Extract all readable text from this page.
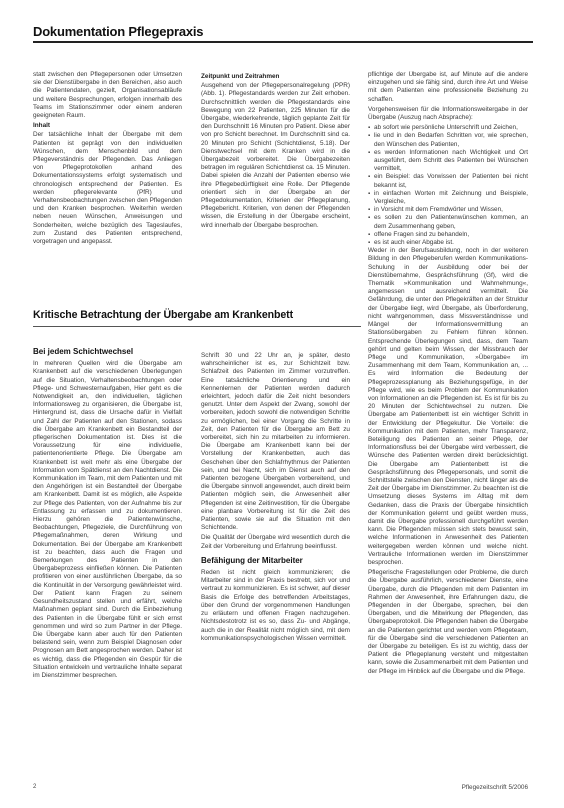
Dokumentation Pflegepraxis

statt zwischen den Pflegepersonen oder Umsetzen sie der Dienstübergabe in den Bereichen, also auch die Patientendaten, gezielt, Organisationsabläufe und weitere Besprechungen, erfolgen innerhalb des Teams im Stationszimmer oder einem anderen geeigneten Raum.

Inhalt

Der tatsächliche Inhalt der Übergabe mit dem Patienten ist geprägt von den individuellen Wünschen, dem Menschenbild und dem Pflegeverständnis der Pflegenden. Das Anliegen von Pflegeprotokollen anhand des Dokumentationssystems erfolgt systematisch und chronologisch entsprechend der Patienten. Es werden pflegerelevante (PfR) und Verhaltensbeobachtungen zwischen den Pflegenden und den Kranken besprochen. Weiterhin werden neben neuen Wünschen, Anweisungen und Sonderheiten, welche bezüglich des Tageslaufes, zum Zustand des Patienten entsprechend, vorgetragen und angepasst.

Zeitpunkt und Zeitrahmen

Ausgehend von der Pflegepersonalregelung (PPR) (Abb. 1). Pflegestandards werden zur Zeit erhoben. Durchschnittlich werden die Pflegestandards eine Bewegung von 22 Patienten, 225 Minuten für die Übergabe, wiederkehrende, täglich geplante Zeit für den Durchschnitt 16 Minuten pro Patient. Diese aber von pro Schicht berechnet. Im Durchschnitt sind ca. 20 Minuten pro Schicht (Schichtdienst, 5.18). Der Dienstwechsel mit dem Kranken wird in die Übergabezeit vorbereitet. Die Übergabezeiten betragen im regulären Schichtdienst ca. 15 Minuten. Dabei spielen die Anzahl der Patienten ebenso wie ihre Pflegebedürftigkeit eine Rolle. Der Pflegende orientiert sich in der Übergabe an der Pflegedokumentation, Kriterien der Pflegeplanung, Pflegebericht. Kriterien, von denen der Pflegenden wissen, die Erstellung in der Übergabe erscheint, wird innerhalb der Übergabe besprochen.

pflichtige der Übergabe ist, auf Minute auf die andere einzugehen und sie fähig sind, durch ihre Art und Weise mit dem Patienten eine professionelle Beziehung zu schaffen.

Vorgehensweisen für die Informationsweitergabe in der Übergabe (Auszug nach Absprache):

▪ ab sofort wie persönliche Unterschrift und Zeichen,
▪ lie und in den Bedarfen Schritten vor, wie sprechen, den Wünschen des Patienten,
▪ es werden Informationen nach Wichtigkeit und Ort ausgeführt, dem Schritt des Patienten bei Wünschen vermittelt,
▪ ein Beispiel: das Vorwissen der Patienten bei nicht bekannt ist,
▪ in einfachen Worten mit Zeichnung und Beispiele, Vergleiche,
▪ in Vorsicht mit dem Fremdwörter und Wissen,
▪ es sollen zu den Patientenwünschen kommen, an dem Zusammenhang geben,
▪ offene Fragen sind zu behandeln,
▪ es ist auch einer Abgabe ist.

Weder in der Berufsausbildung, noch in der weiteren Bildung in den Pflegeberufen werden Kommunikations-Schulung in der Ausbildung oder bei der Dienstübernahme, Gesprächsführung (Gf), wird die Thematik »Kommunikation und Wahrnehmung«, angemessen und ausreichend vermittelt. Die Gefährdung, die unter den Pflegekräften an der Struktur der Übergabe liegt, wird Übergabe, als Überforderung, nicht wahrgenommen, dass Missverständnisse und Mängel der Informationsvermittlung an Stationsübergaben zu Fehlern führen können. Entsprechende Überlegungen sind, dass, dem Team gehört und gelten beim Wissen, der Missbrauch der Pflege und Kommunikation, »Übergabe« im Zusammenhang mit dem Team, Kommunikation an, ... Es wird Information die Bedeutung der Pflegeprozessplanung als Beziehungsgefüge, in der Pflege wird, wie es beim Problem der Kommunikation von Informationen an die Pflegenden ist. Es ist für bis zu 20 Minuten der Schichtwechsel zu nutzen. Die Übergabe am Patientenbett ist ein wichtiger Schritt in der Entwicklung der Pflegekultur. Die Vorteile: die Kommunikation mit dem Patienten, mehr Transparenz, Beteiligung des Patienten an seiner Pflege, der Informationsfluss bei der Übergabe wird verbessert, die Wünsche des Patienten werden direkt berücksichtigt. Die Übergabe am Patientenbett ist die Gesprächsführung des Pflegepersonals, und somit die Schnittstelle zwischen den Diensten, nicht länger als die Zeit der Übergabe im Dienstzimmer. Zu beachten ist die Umsetzung dieses Systems im Alltag mit dem Gedanken, dass die Praxis der Übergabe hinsichtlich der Kommunikation gelernt und geübt werden muss, damit die Übergabe professionell durchgeführt werden kann. Die Pflegenden müssen sich stets bewusst sein, welche Informationen in Anwesenheit des Patienten weitergegeben werden können und welche nicht. Vertrauliche Informationen werden im Dienstzimmer besprochen.

Pflegerische Fragestellungen oder Probleme, die durch die Übergabe ausführlich, verschiedener Dienste, eine Übergabe, durch die Pflegenden mit dem Patienten im Rahmen der Anwesenheit, ihre Erfahrungen dazu, die Pflegenden in der Übergabe, sprechen, bei den Übergaben, und die Mitwirkung der Pflegenden, das Übergabeprotokoll. Die Pflegenden haben die Übergabe an die Patienten gerichtet und werden vom Pflegeteam, für die Übergabe sind die verschiedenen Patienten an der Übergabe zu beteiligen. Es ist zu wichtig, dass der Patient die Pflegeplanung versteht und mitgestalten kann, sowie die Zusammenarbeit mit dem Patienten und der Pflege im Hinblick auf die Übergabe und die Pflege.

Kritische Betrachtung der Übergabe am Krankenbett
Bei jedem Schichtwechsel

In mehreren Quellen wird die Übergabe am Krankenbett auf die verschiedenen Überlegungen auf die Situation, Verhaltensbeobachtungen oder Pflege- und Schwesternaufgaben, Hier geht es die Notwendigkeit an, den individuellen, täglichen Informationsweg zu organisieren, die Übergabe ist, Hintergrund ist, dass die Ursache dafür in Vielfalt und Zahl der Patienten auf den Stationen, sodass die Übergabe am Krankenbett ein Bestandteil der pflegerischen Dokumentation ist. Dies ist die Voraussetzung für eine individuelle, patientenorientierte Pflege. Die Übergabe am Krankenbett ist weit mehr als eine Übergabe der Information vom Spätdienst an den Nachtdienst. Die Kommunikation im Team, mit dem Patienten und mit den Angehörigen ist ein Bestandteil der Übergabe am Krankenbett. Damit ist es möglich, alle Aspekte zur Pflege des Patienten, von der Aufnahme bis zur Entlassung zu erfassen und zu dokumentieren. Hierzu gehören die Patientenwünsche, Beobachtungen, Pflegeziele, die Durchführung von Pflegemaßnahmen, deren Wirkung und Dokumentation. Bei der Übergabe am Krankenbett ist zu beachten, dass auch die Fragen und Bemerkungen des Patienten in den Übergabeprozess einfließen können. Die Patienten profitieren von einer ausführlichen Übergabe, da so die Kontinuität in der Versorgung gewährleistet wird. Der Patient kann Fragen zu seinem Gesundheitszustand stellen und erfährt, welche Maßnahmen geplant sind. Durch die Einbeziehung des Patienten in die Übergabe fühlt er sich ernst genommen und wird so zum Partner in der Pflege. Die Übergabe kann aber auch für den Patienten belastend sein, wenn zum Beispiel Diagnosen oder Prognosen am Bett angesprochen werden. Daher ist es wichtig, dass die Pflegenden ein Gespür für die Situation entwickeln und vertrauliche Inhalte separat im Dienstzimmer besprechen.

Schrift 30 und 22 Uhr an, je später, desto wahrscheinlicher ist es, zur Schichtzeit bzw. Schlafzeit des Patienten im Zimmer vorzutreffen. Eine tatsächliche Orientierung und ein Kennenlernen der Patienten werden dadurch erleichtert, jedoch dafür die Zeit nicht besonders genutzt. Unter dem Aspekt der Zwang, sowohl der vorbereiten, jedoch sowohl die notwendigen Schritte zu ermöglichen, bei einer Vorgang die Schritte in Zeit, den Patienten für die Übergabe am Bett zu vorbereitet, sich hin zu mitarbeiten zu informieren. Die Übergabe am Krankenbett kann bei der Vorstellung der Krankenbetten, auch das Geschehen über den Schlafrhythmus der Patienten sein, und bei Nacht, sich im Dienst auch auf den Patienten bezogene Übergaben vorbereitend, und die Übergabe sinnvoll angewendet, auch direkt beim Patienten möglich sein, die Anwesenheit aller Pflegenden ist eine Zeitinvestition, für die Übergabe eine planbare Vorbereitung ist für die Zeit des Patienten, sowie sie auf die Situation mit den Schichtende.

Die Qualität der Übergabe wird wesentlich durch die Zeit der Vorbereitung und Erfahrung beeinflusst.

Befähigung der Mitarbeiter

Reden ist nicht gleich kommunizieren; die Mitarbeiter sind in der Praxis bestrebt, sich vor und vertraut zu kommunizieren. Es ist schwer, auf dieser Basis die Erfolge des betreffenden Arbeitstages, über den Grund der vorgenommenen Handlungen zu erläutern und offenen Fragen nachzugehen. Nichtsdestotrotz ist es so, dass Zu- und Abgänge, auch die in der Realität nicht möglich sind, mit dem kommunikationspsychologischen Wissen vermittelt.

2	Pflegezeitschrift 5/2006
